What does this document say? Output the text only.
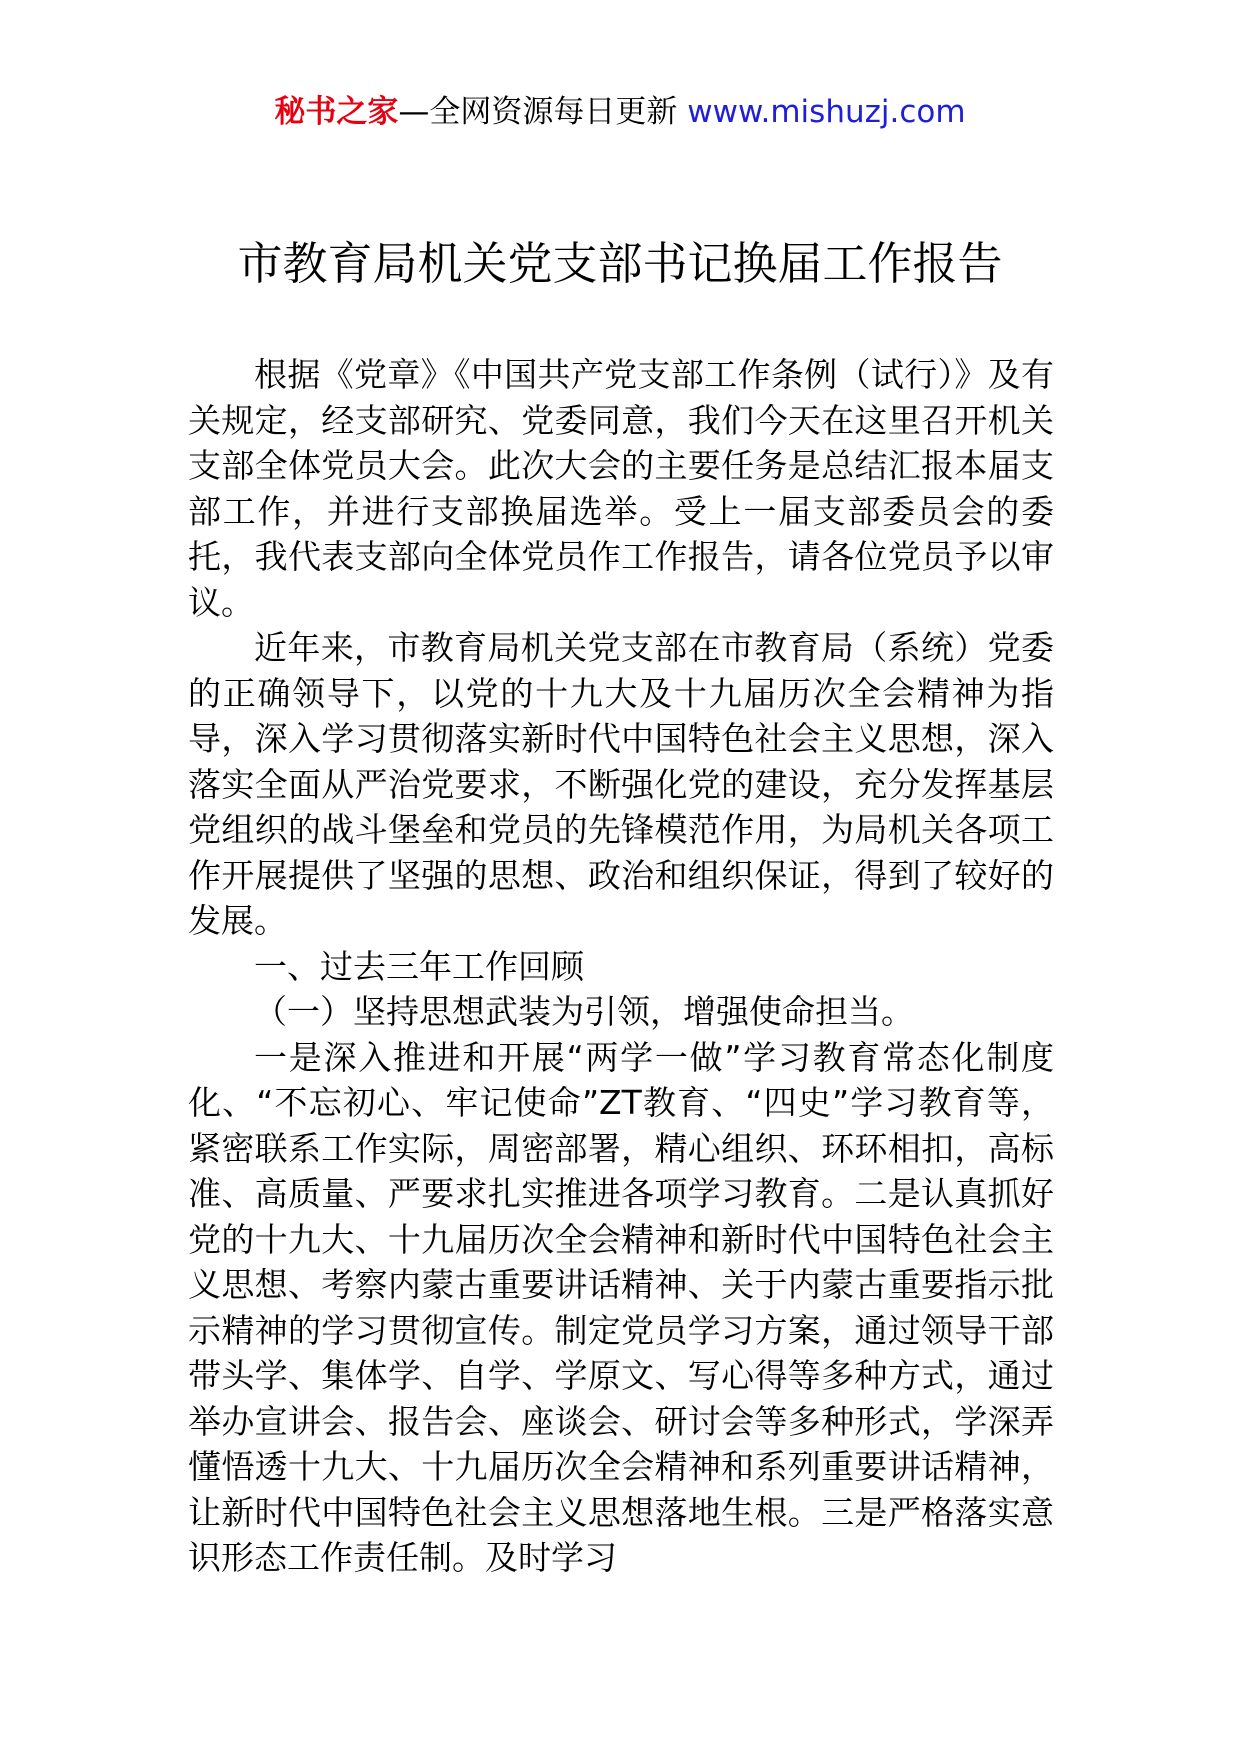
秘书之家—全网资源每日更新 www.mishuzj.com
市教育局机关党支部书记换届工作报告

根据《党章》《中国共产党支部工作条例（试行）》及有关规定，经支部研究、党委同意，我们今天在这里召开机关支部全体党员大会。此次大会的主要任务是总结汇报本届支部工作，并进行支部换届选举。受上一届支部委员会的委托，我代表支部向全体党员作工作报告，请各位党员予以审议。

近年来，市教育局机关党支部在市教育局（系统）党委的正确领导下，以党的十九大及十九届历次全会精神为指导，深入学习贯彻落实新时代中国特色社会主义思想，深入落实全面从严治党要求，不断强化党的建设，充分发挥基层党组织的战斗堡垒和党员的先锋模范作用，为局机关各项工作开展提供了坚强的思想、政治和组织保证，得到了较好的发展。

一、过去三年工作回顾

（一）坚持思想武装为引领，增强使命担当。

一是深入推进和开展“两学一做”学习教育常态化制度化、“不忘初心、牢记使命”ZT教育、“四史”学习教育等，紧密联系工作实际，周密部署，精心组织、环环相扣，高标准、高质量、严要求扎实推进各项学习教育。二是认真抓好党的十九大、十九届历次全会精神和新时代中国特色社会主义思想、考察内蒙古重要讲话精神、关于内蒙古重要指示批示精神的学习贯彻宣传。制定党员学习方案，通过领导干部带头学、集体学、自学、学原文、写心得等多种方式，通过举办宣讲会、报告会、座谈会、研讨会等多种形式，学深弄懂悟透十九大、十九届历次全会精神和系列重要讲话精神，让新时代中国特色社会主义思想落地生根。三是严格落实意识形态工作责任制。及时学习
